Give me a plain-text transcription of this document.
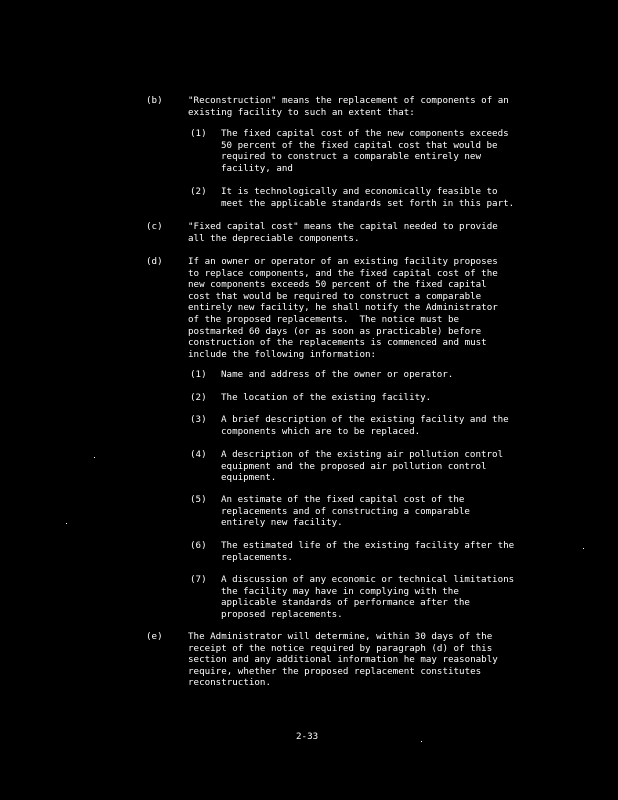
(b)	"Reconstruction" means the replacement of components of an
existing facility to such an extent that:
(1) The fixed capital cost of the new components exceeds
50 percent of the fixed capital cost that would be
required to construct a comparable entirely new
facility, and
(2) It is technologically and economically feasible to
meet the applicable standards set forth in this part.
(c)	"Fixed capital cost" means the capital needed to provide
all the depreciable components.
(d)	If an owner or operator of an existing facility proposes
to replace components, and the fixed capital cost of the
new components exceeds 50 percent of the fixed capital
cost that would be required to construct a comparable
entirely new facility, he shall notify the Administrator
of the proposed replacements.  The notice must be
postmarked 60 days (or as soon as practicable) before
construction of the replacements is commenced and must
include the following information:
(1) Name and address of the owner or operator.
(2) The location of the existing facility.
(3) A brief description of the existing facility and the
components which are to be replaced.
(4) A description of the existing air pollution control
equipment and the proposed air pollution control
equipment.
(5) An estimate of the fixed capital cost of the
replacements and of constructing a comparable
entirely new facility.
(6) The estimated life of the existing facility after the
replacements.
(7) A discussion of any economic or technical limitations
the facility may have in complying with the
applicable standards of performance after the
proposed replacements.
(e)	The Administrator will determine, within 30 days of the
receipt of the notice required by paragraph (d) of this
section and any additional information he may reasonably
require, whether the proposed replacement constitutes
reconstruction.
2-33
